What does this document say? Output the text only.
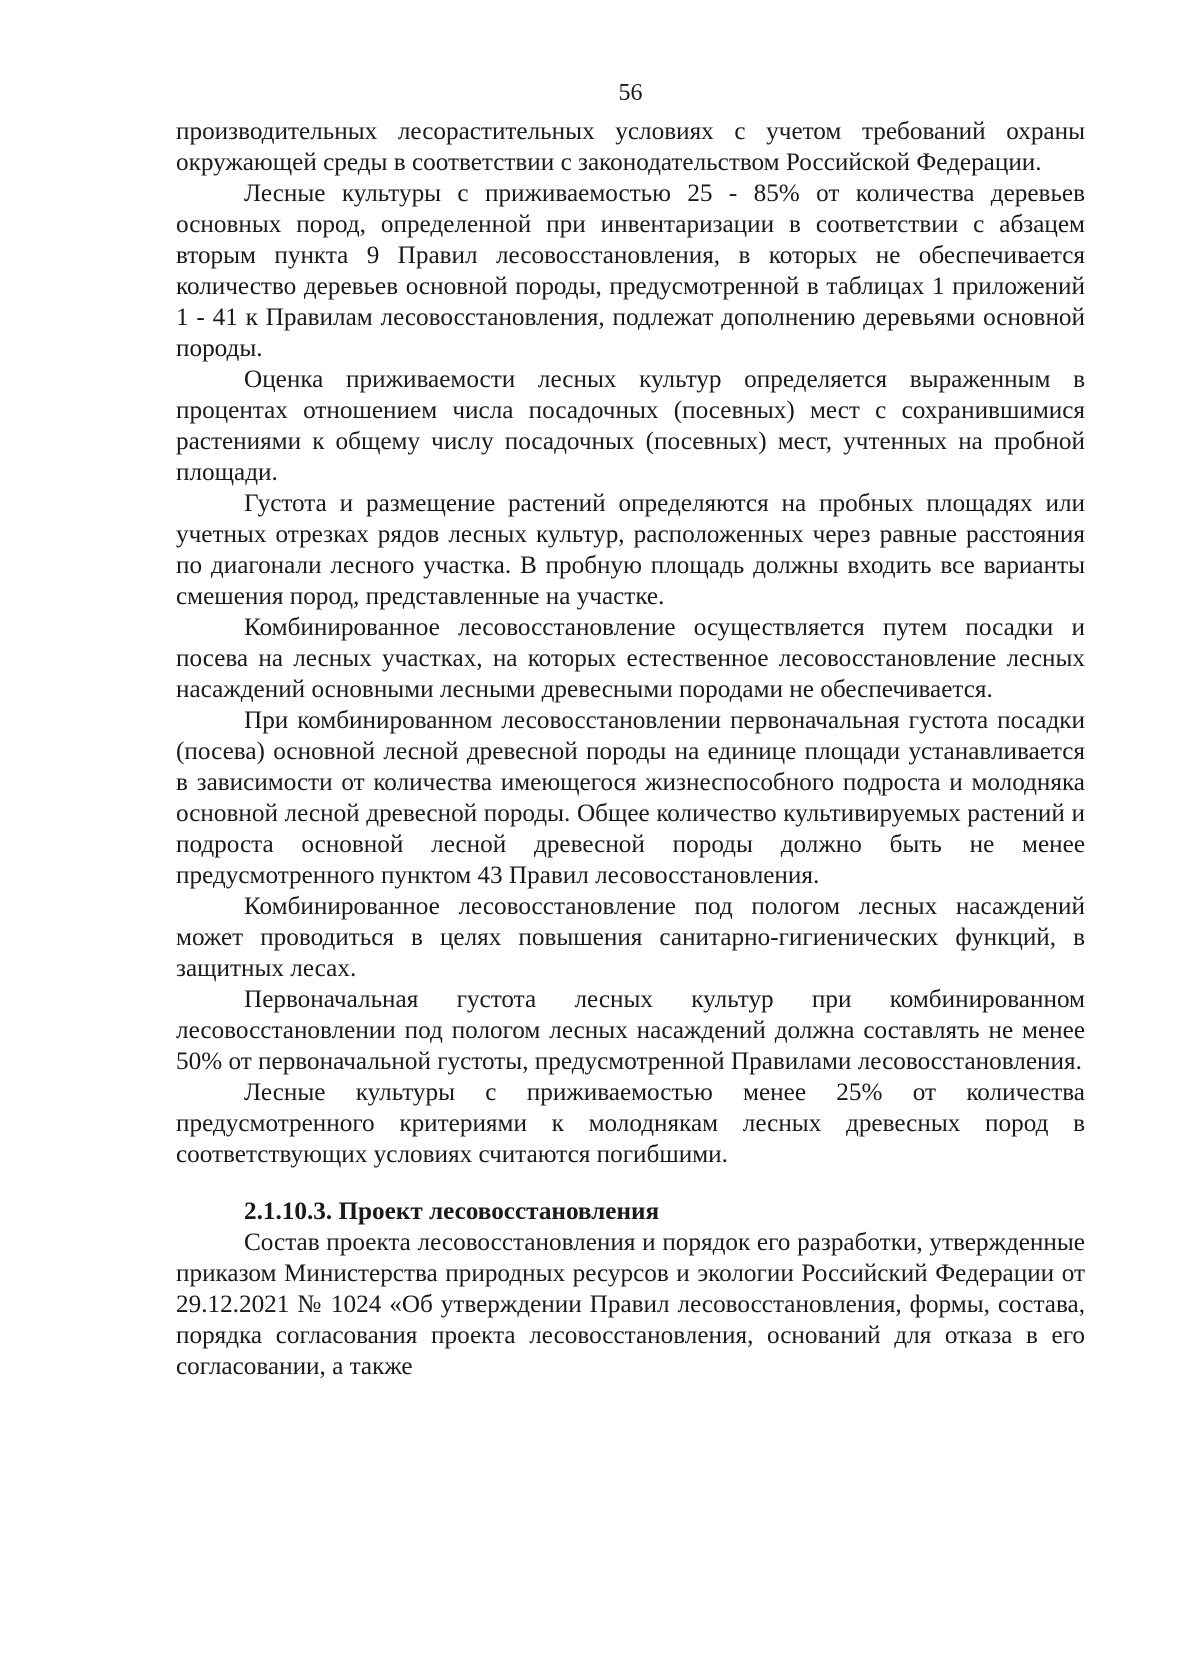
56

производительных лесорастительных условиях с учетом требований охраны окружающей среды в соответствии с законодательством Российской Федерации.

Лесные культуры с приживаемостью 25 - 85% от количества деревьев основных пород, определенной при инвентаризации в соответствии с абзацем вторым пункта 9 Правил лесовосстановления, в которых не обеспечивается количество деревьев основной породы, предусмотренной в таблицах 1 приложений 1 - 41 к Правилам лесовосстановления, подлежат дополнению деревьями основной породы.

Оценка приживаемости лесных культур определяется выраженным в процентах отношением числа посадочных (посевных) мест с сохранившимися растениями к общему числу посадочных (посевных) мест, учтенных на пробной площади.

Густота и размещение растений определяются на пробных площадях или учетных отрезках рядов лесных культур, расположенных через равные расстояния по диагонали лесного участка. В пробную площадь должны входить все варианты смешения пород, представленные на участке.

Комбинированное лесовосстановление осуществляется путем посадки и посева на лесных участках, на которых естественное лесовосстановление лесных насаждений основными лесными древесными породами не обеспечивается.

При комбинированном лесовосстановлении первоначальная густота посадки (посева) основной лесной древесной породы на единице площади устанавливается в зависимости от количества имеющегося жизнеспособного подроста и молодняка основной лесной древесной породы. Общее количество культивируемых растений и подроста основной лесной древесной породы должно быть не менее предусмотренного пунктом 43 Правил лесовосстановления.

Комбинированное лесовосстановление под пологом лесных насаждений может проводиться в целях повышения санитарно-гигиенических функций, в защитных лесах.

Первоначальная густота лесных культур при комбинированном лесовосстановлении под пологом лесных насаждений должна составлять не менее 50% от первоначальной густоты, предусмотренной Правилами лесовосстановления.

Лесные культуры с приживаемостью менее 25% от количества предусмотренного критериями к молоднякам лесных древесных пород в соответствующих условиях считаются погибшими.

2.1.10.3. Проект лесовосстановления

Состав проекта лесовосстановления и порядок его разработки, утвержденные приказом Министерства природных ресурсов и экологии Российский Федерации от 29.12.2021 № 1024 «Об утверждении Правил лесовосстановления, формы, состава, порядка согласования проекта лесовосстановления, оснований для отказа в его согласовании, а также
